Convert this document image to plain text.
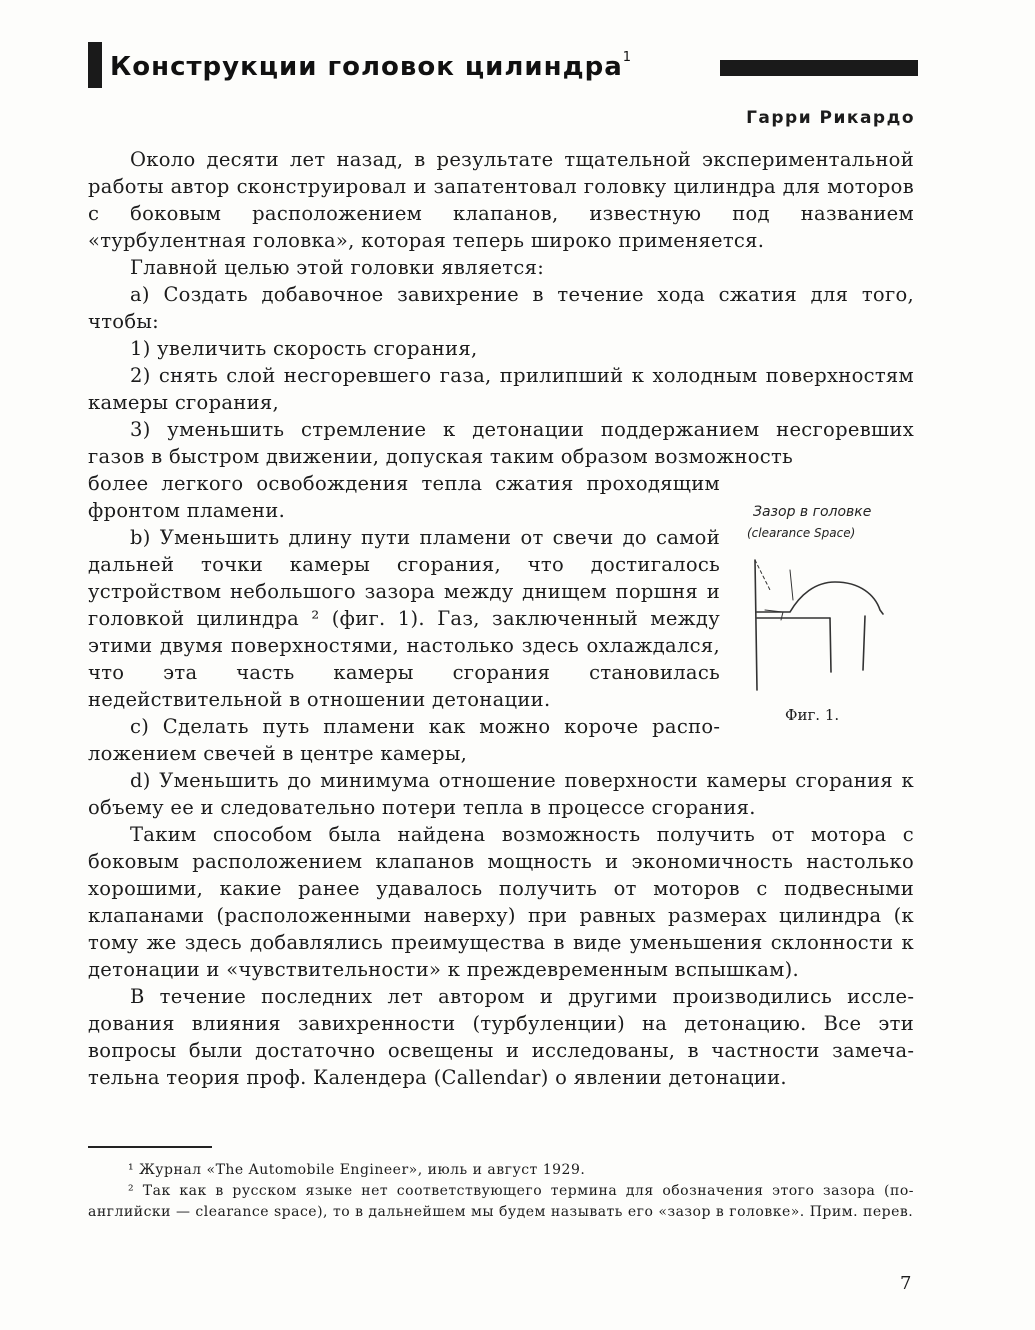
Конструкции головок цилиндра$^1$
Гарри Рикардо

Около десяти лет назад, в результате тщательной экспериментальной работы автор сконструировал и запатентовал головку цилиндра для моторов с боковым расположением клапанов, известную под названием «турбулентная головка», которая теперь широко применяется.

Главной целью этой головки является:

а) Создать добавочное завихрение в течение хода сжатия для того, чтобы:

1) увеличить скорость сгорания,

2) снять слой несгоревшего газа, прилипший к холодным поверхностям камеры сгорания,

3) уменьшить стремление к детонации поддержанием несгоревших газов в быстром движении, допуская таким образом возможность

более легкого освобождения тепла сжатия проходящим фронтом пламени.

b) Уменьшить длину пути пламени от свечи до самой дальней точки камеры сгорания, что достигалось устройством небольшого зазора между днищем поршня и головкой цилиндра ² (фиг. 1). Газ, заключенный между этими двумя поверхностями, настолько здесь охлаждался, что эта часть камеры сгорания становилась недействительной в отношении детонации.

с) Сделать путь пламени как можно короче расположением свечей в центре камеры,

d) Уменьшить до минимума отношение поверхности камеры сгорания к объему ее и следовательно потери тепла в процессе сгорания.

Таким способом была найдена возможность получить от мотора с боковым расположением клапанов мощность и экономичность настолько хорошими, какие ранее удавалось получить от моторов с подвесными клапанами (расположенными наверху) при равных размерах цилиндра (к тому же здесь добавлялись преимущества в виде уменьшения склонности к детонации и «чувствительности» к преждевременным вспышкам).

В течение последних лет автором и другими производились исследования влияния завихренности (турбуленции) на детонацию. Все эти вопросы были достаточно освещены и исследованы, в частности замечательна теория проф. Календера (Callendar) о явлении детонации.

Зазор в головке
(clearance Space)
Фиг. 1.

¹ Журнал «The Automobile Engineer», июль и август 1929.

² Так как в русском языке нет соответствующего термина для обозначения этого зазора (по-английски — clearance space), то в дальнейшем мы будем называть его «зазор в головке». Прим. перев.

7
